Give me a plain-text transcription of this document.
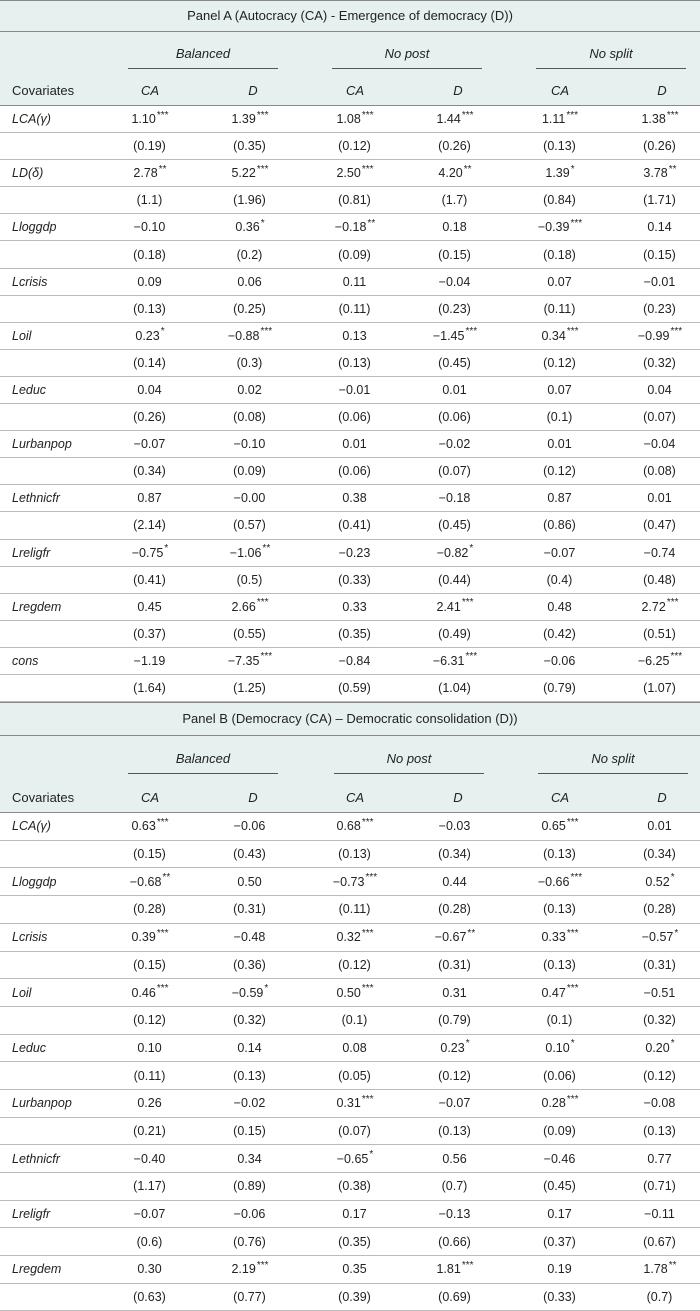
Panel A (Autocracy (CA) - Emergence of democracy (D))
Balanced	No post	No split
Covariates	CA	D	CA	D	CA	D
LCA(γ)	1.10 ***	1.39 ***	1.08 ***	1.44 ***	1.11 ***	1.38 ***
(0.19)	(0.35)	(0.12)	(0.26)	(0.13)	(0.26)
LD(δ)	2.78 **	5.22 ***	2.50 ***	4.20 **	1.39 *	3.78 **
(1.1)	(1.96)	(0.81)	(1.7)	(0.84)	(1.71)
Lloggdp	−0.10	0.36 *	−0.18 **	0.18	−0.39 ***	0.14
(0.18)	(0.2)	(0.09)	(0.15)	(0.18)	(0.15)
Lcrisis	0.09	0.06	0.11	−0.04	0.07	−0.01
(0.13)	(0.25)	(0.11)	(0.23)	(0.11)	(0.23)
Loil	0.23 *	−0.88 ***	0.13	−1.45 ***	0.34 ***	−0.99 ***
(0.14)	(0.3)	(0.13)	(0.45)	(0.12)	(0.32)
Leduc	0.04	0.02	−0.01	0.01	0.07	0.04
(0.26)	(0.08)	(0.06)	(0.06)	(0.1)	(0.07)
Lurbanpop	−0.07	−0.10	0.01	−0.02	0.01	−0.04
(0.34)	(0.09)	(0.06)	(0.07)	(0.12)	(0.08)
Lethnicfr	0.87	−0.00	0.38	−0.18	0.87	0.01
(2.14)	(0.57)	(0.41)	(0.45)	(0.86)	(0.47)
Lreligfr	−0.75 *	−1.06 **	−0.23	−0.82 *	−0.07	−0.74
(0.41)	(0.5)	(0.33)	(0.44)	(0.4)	(0.48)
Lregdem	0.45	2.66 ***	0.33	2.41 ***	0.48	2.72 ***
(0.37)	(0.55)	(0.35)	(0.49)	(0.42)	(0.51)
cons	−1.19	−7.35 ***	−0.84	−6.31 ***	−0.06	−6.25 ***
(1.64)	(1.25)	(0.59)	(1.04)	(0.79)	(1.07)
Panel B (Democracy (CA) – Democratic consolidation (D))
Balanced	No post	No split
Covariates	CA	D	CA	D	CA	D
LCA(γ)	0.63 ***	−0.06	0.68 ***	−0.03	0.65 ***	0.01
(0.15)	(0.43)	(0.13)	(0.34)	(0.13)	(0.34)
Lloggdp	−0.68 **	0.50	−0.73 ***	0.44	−0.66 ***	0.52 *
(0.28)	(0.31)	(0.11)	(0.28)	(0.13)	(0.28)
Lcrisis	0.39 ***	−0.48	0.32 ***	−0.67 **	0.33 ***	−0.57 *
(0.15)	(0.36)	(0.12)	(0.31)	(0.13)	(0.31)
Loil	0.46 ***	−0.59 *	0.50 ***	0.31	0.47 ***	−0.51
(0.12)	(0.32)	(0.1)	(0.79)	(0.1)	(0.32)
Leduc	0.10	0.14	0.08	0.23 *	0.10 *	0.20 *
(0.11)	(0.13)	(0.05)	(0.12)	(0.06)	(0.12)
Lurbanpop	0.26	−0.02	0.31 ***	−0.07	0.28 ***	−0.08
(0.21)	(0.15)	(0.07)	(0.13)	(0.09)	(0.13)
Lethnicfr	−0.40	0.34	−0.65 *	0.56	−0.46	0.77
(1.17)	(0.89)	(0.38)	(0.7)	(0.45)	(0.71)
Lreligfr	−0.07	−0.06	0.17	−0.13	0.17	−0.11
(0.6)	(0.76)	(0.35)	(0.66)	(0.37)	(0.67)
Lregdem	0.30	2.19 ***	0.35	1.81 ***	0.19	1.78 **
(0.63)	(0.77)	(0.39)	(0.69)	(0.33)	(0.7)
